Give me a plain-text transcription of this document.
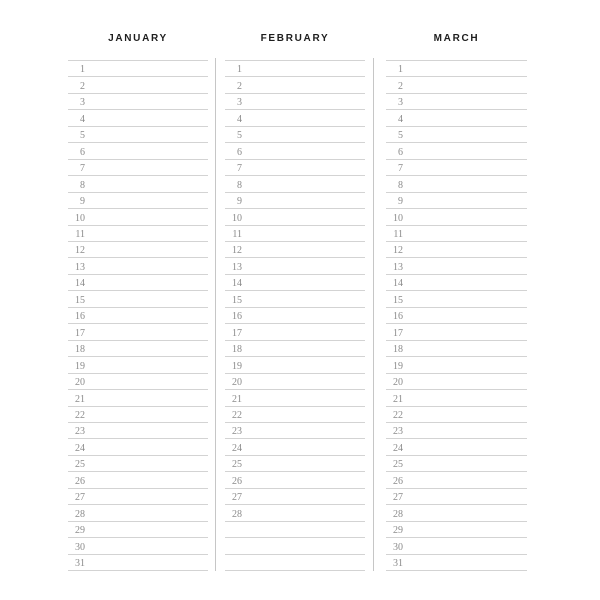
JANUARY
1
2
3
4
5
6
7
8
9
10
11
12
13
14
15
16
17
18
19
20
21
22
23
24
25
26
27
28
29
30
31
FEBRUARY
1
2
3
4
5
6
7
8
9
10
11
12
13
14
15
16
17
18
19
20
21
22
23
24
25
26
27
28
MARCH
1
2
3
4
5
6
7
8
9
10
11
12
13
14
15
16
17
18
19
20
21
22
23
24
25
26
27
28
29
30
31
